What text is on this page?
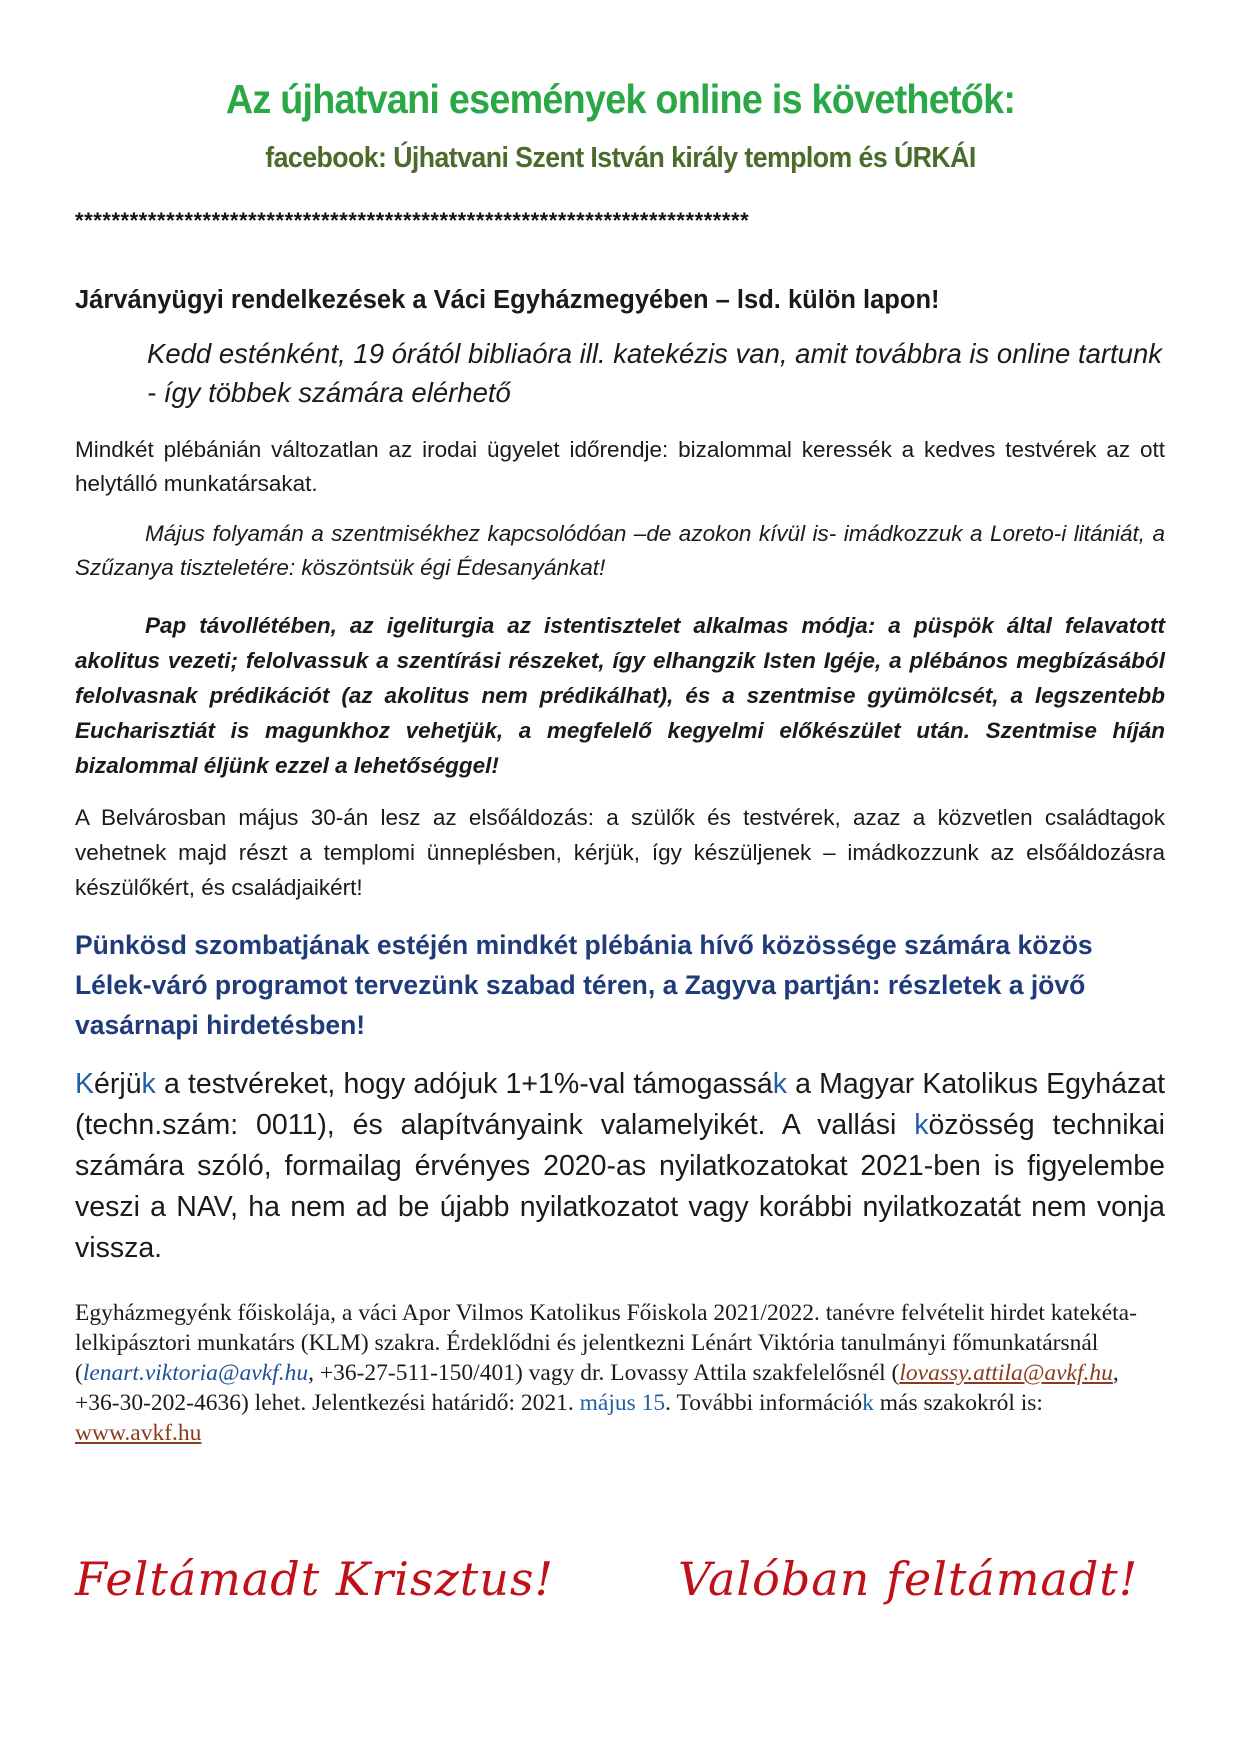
Az újhatvani események online is követhetők:
facebook: Újhatvani Szent István király templom és ÚRKÁI
**************************************************************************
Járványügyi rendelkezések a Váci Egyházmegyében – lsd. külön lapon!
Kedd esténként, 19 órától bibliaóra ill. katekézis van, amit továbbra is online tartunk - így többek számára elérhető
Mindkét plébánián változatlan az irodai ügyelet időrendje: bizalommal keressék a kedves testvérek az ott helytálló munkatársakat.
Május folyamán a szentmisékhez kapcsolódóan –de azokon kívül is- imádkozzuk a Loreto-i litániát, a Szűzanya tiszteletére: köszöntsük égi Édesanyánkat!
Pap távollétében, az igeliturgia az istentisztelet alkalmas módja: a püspök által felavatott akolitus vezeti; felolvassuk a szentírási részeket, így elhangzik Isten Igéje, a plébános megbízásából felolvasnak prédikációt (az akolitus nem prédikálhat), és a szentmise gyümölcsét, a legszentebb Eucharisztiát is magunkhoz vehetjük, a megfelelő kegyelmi előkészület után. Szentmise híján bizalommal éljünk ezzel a lehetőséggel!
A Belvárosban május 30-án lesz az elsőáldozás: a szülők és testvérek, azaz a közvetlen családtagok vehetnek majd részt a templomi ünneplésben, kérjük, így készüljenek – imádkozzunk az elsőáldozásra készülőkért, és családjaikért!
Pünkösd szombatjának estéjén mindkét plébánia hívő közössége számára közös Lélek-váró programot tervezünk szabad téren, a Zagyva partján: részletek a jövő vasárnapi hirdetésben!
Kérjük a testvéreket, hogy adójuk 1+1%-val támogassák a Magyar Katolikus Egyházat (techn.szám: 0011), és alapítványaink valamelyikét. A vallási közösség technikai számára szóló, formailag érvényes 2020-as nyilatkozatokat 2021-ben is figyelembe veszi a NAV, ha nem ad be újabb nyilatkozatot vagy korábbi nyilatkozatát nem vonja vissza.
Egyházmegyénk főiskolája, a váci Apor Vilmos Katolikus Főiskola 2021/2022. tanévre felvételit hirdet katekéta- lelkipásztori munkatárs (KLM) szakra. Érdeklődni és jelentkezni Lénárt Viktória tanulmányi főmunkatársnál (lenart.viktoria@avkf.hu, +36-27-511-150/401) vagy dr. Lovassy Attila szakfelelősnél (lovassy.attila@avkf.hu, +36-30-202-4636) lehet. Jelentkezési határidő: 2021. május 15. További információk más szakokról is: www.avkf.hu
Feltámadt Krisztus!	Valóban feltámadt!
